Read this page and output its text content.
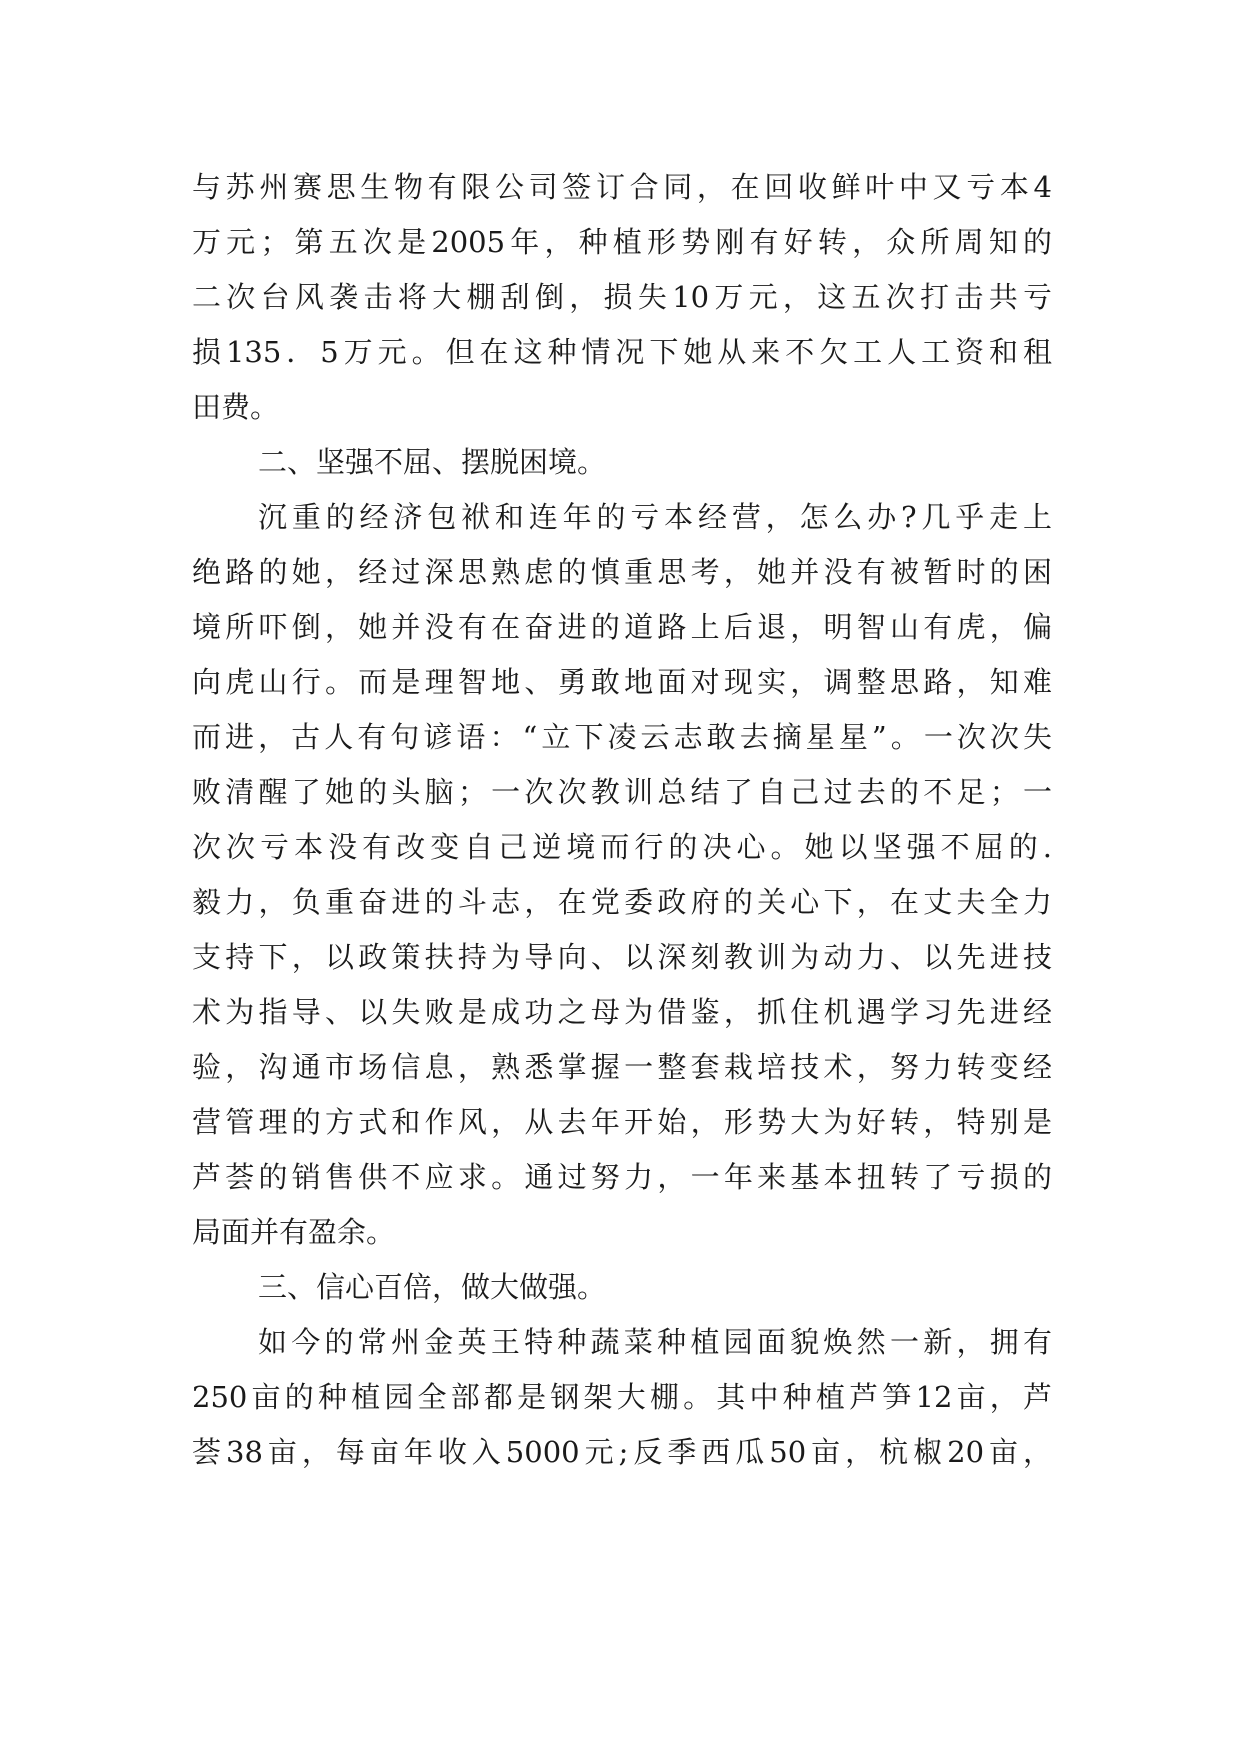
与苏州赛思生物有限公司签订合同，在回收鲜叶中又亏本4
万元；第五次是2005年，种植形势刚有好转，众所周知的
二次台风袭击将大棚刮倒，损失10万元，这五次打击共亏
损135．5万元。但在这种情况下她从来不欠工人工资和租
田费。
二、坚强不屈、摆脱困境。
沉重的经济包袱和连年的亏本经营，怎么办?几乎走上
绝路的她，经过深思熟虑的慎重思考，她并没有被暂时的困
境所吓倒，她并没有在奋进的道路上后退，明智山有虎，偏
向虎山行。而是理智地、勇敢地面对现实，调整思路，知难
而进，古人有句谚语：“立下凌云志敢去摘星星”。一次次失
败清醒了她的头脑；一次次教训总结了自己过去的不足；一
次次亏本没有改变自己逆境而行的决心。她以坚强不屈的.
毅力，负重奋进的斗志，在党委政府的关心下，在丈夫全力
支持下，以政策扶持为导向、以深刻教训为动力、以先进技
术为指导、以失败是成功之母为借鉴，抓住机遇学习先进经
验，沟通市场信息，熟悉掌握一整套栽培技术，努力转变经
营管理的方式和作风，从去年开始，形势大为好转，特别是
芦荟的销售供不应求。通过努力，一年来基本扭转了亏损的
局面并有盈余。
三、信心百倍，做大做强。
如今的常州金英王特种蔬菜种植园面貌焕然一新，拥有
250亩的种植园全部都是钢架大棚。其中种植芦笋12亩，芦
荟38亩，每亩年收入5000元;反季西瓜50亩，杭椒20亩，
